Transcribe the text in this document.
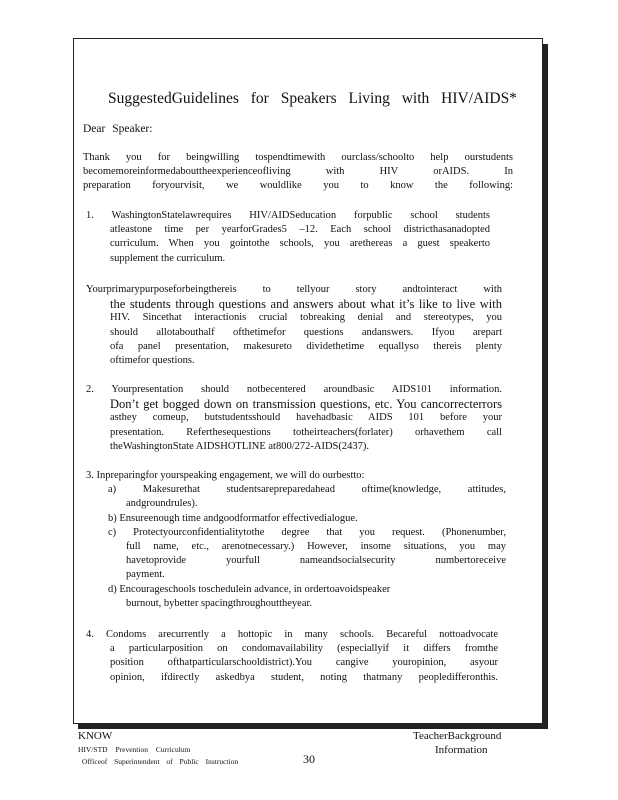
SuggestedGuidelines for Speakers Living with HIV/AIDS*
Dear Speaker:
Thank you for beingwilling tospendtimewith ourclass/schoolto help ourstudents
becomemoreinformedabouttheexperienceofliving with HIV orAIDS. In
preparation foryourvisit, we wouldlike you to know the following:
1. WashingtonStatelawrequires HIV/AIDSeducation forpublic school students
atleastone time per yearforGrades5 –12. Each school districthasanadopted
curriculum. When you gointothe schools, you arethereas a guest speakerto
supplement the curriculum.
Yourprimarypurposeforbeingthereis to tellyour story andtointeract with
the students through questions and answers about what it’s like to live with
HIV. Sincethat interactionis crucial tobreaking denial and stereotypes, you
should allotabouthalf ofthetimefor questions andanswers. Ifyou arepart
ofa panel presentation, makesureto dividethetime equallyso thereis plenty
oftimefor questions.
2. Yourpresentation should notbecentered aroundbasic AIDS101 information.
Don’t get bogged down on transmission questions, etc. You cancorrecterrors
asthey comeup, butstudentsshould havehadbasic AIDS 101 before your
presentation. Referthesequestions totheirteachers(forlater) orhavethem call
theWashingtonState AIDSHOTLINE at800/272-AIDS(2437).
3. Inpreparingfor yourspeaking engagement, we will do ourbestto:
a) Makesurethat studentsarepreparedahead oftime(knowledge, attitudes,
andgroundrules).
b) Ensureenough time andgoodformatfor effectivedialogue.
c) Protectyourconfidentialitytothe degree that you request. (Phonenumber,
full name, etc., arenotnecessary.) However, insome situations, you may
havetoprovide yourfull nameandsocialsecurity numbertoreceive
payment.
d) Encourageschools toschedulein advance, in ordertoavoidspeaker
burnout, bybetter spacingthroughouttheyear.
4. Condoms arecurrently a hottopic in many schools. Becareful nottoadvocate
a particularposition on condomavailability (especiallyif it differs fromthe
position ofthatparticularschooldistrict).You cangive youropinion, asyour
opinion, ifdirectly askedbya student, noting thatmany peopledifferonthis.
KNOW
HIV/STD Prevention Curriculum
Officeof Superintendent of Public Instruction	30
TeacherBackground
Information
